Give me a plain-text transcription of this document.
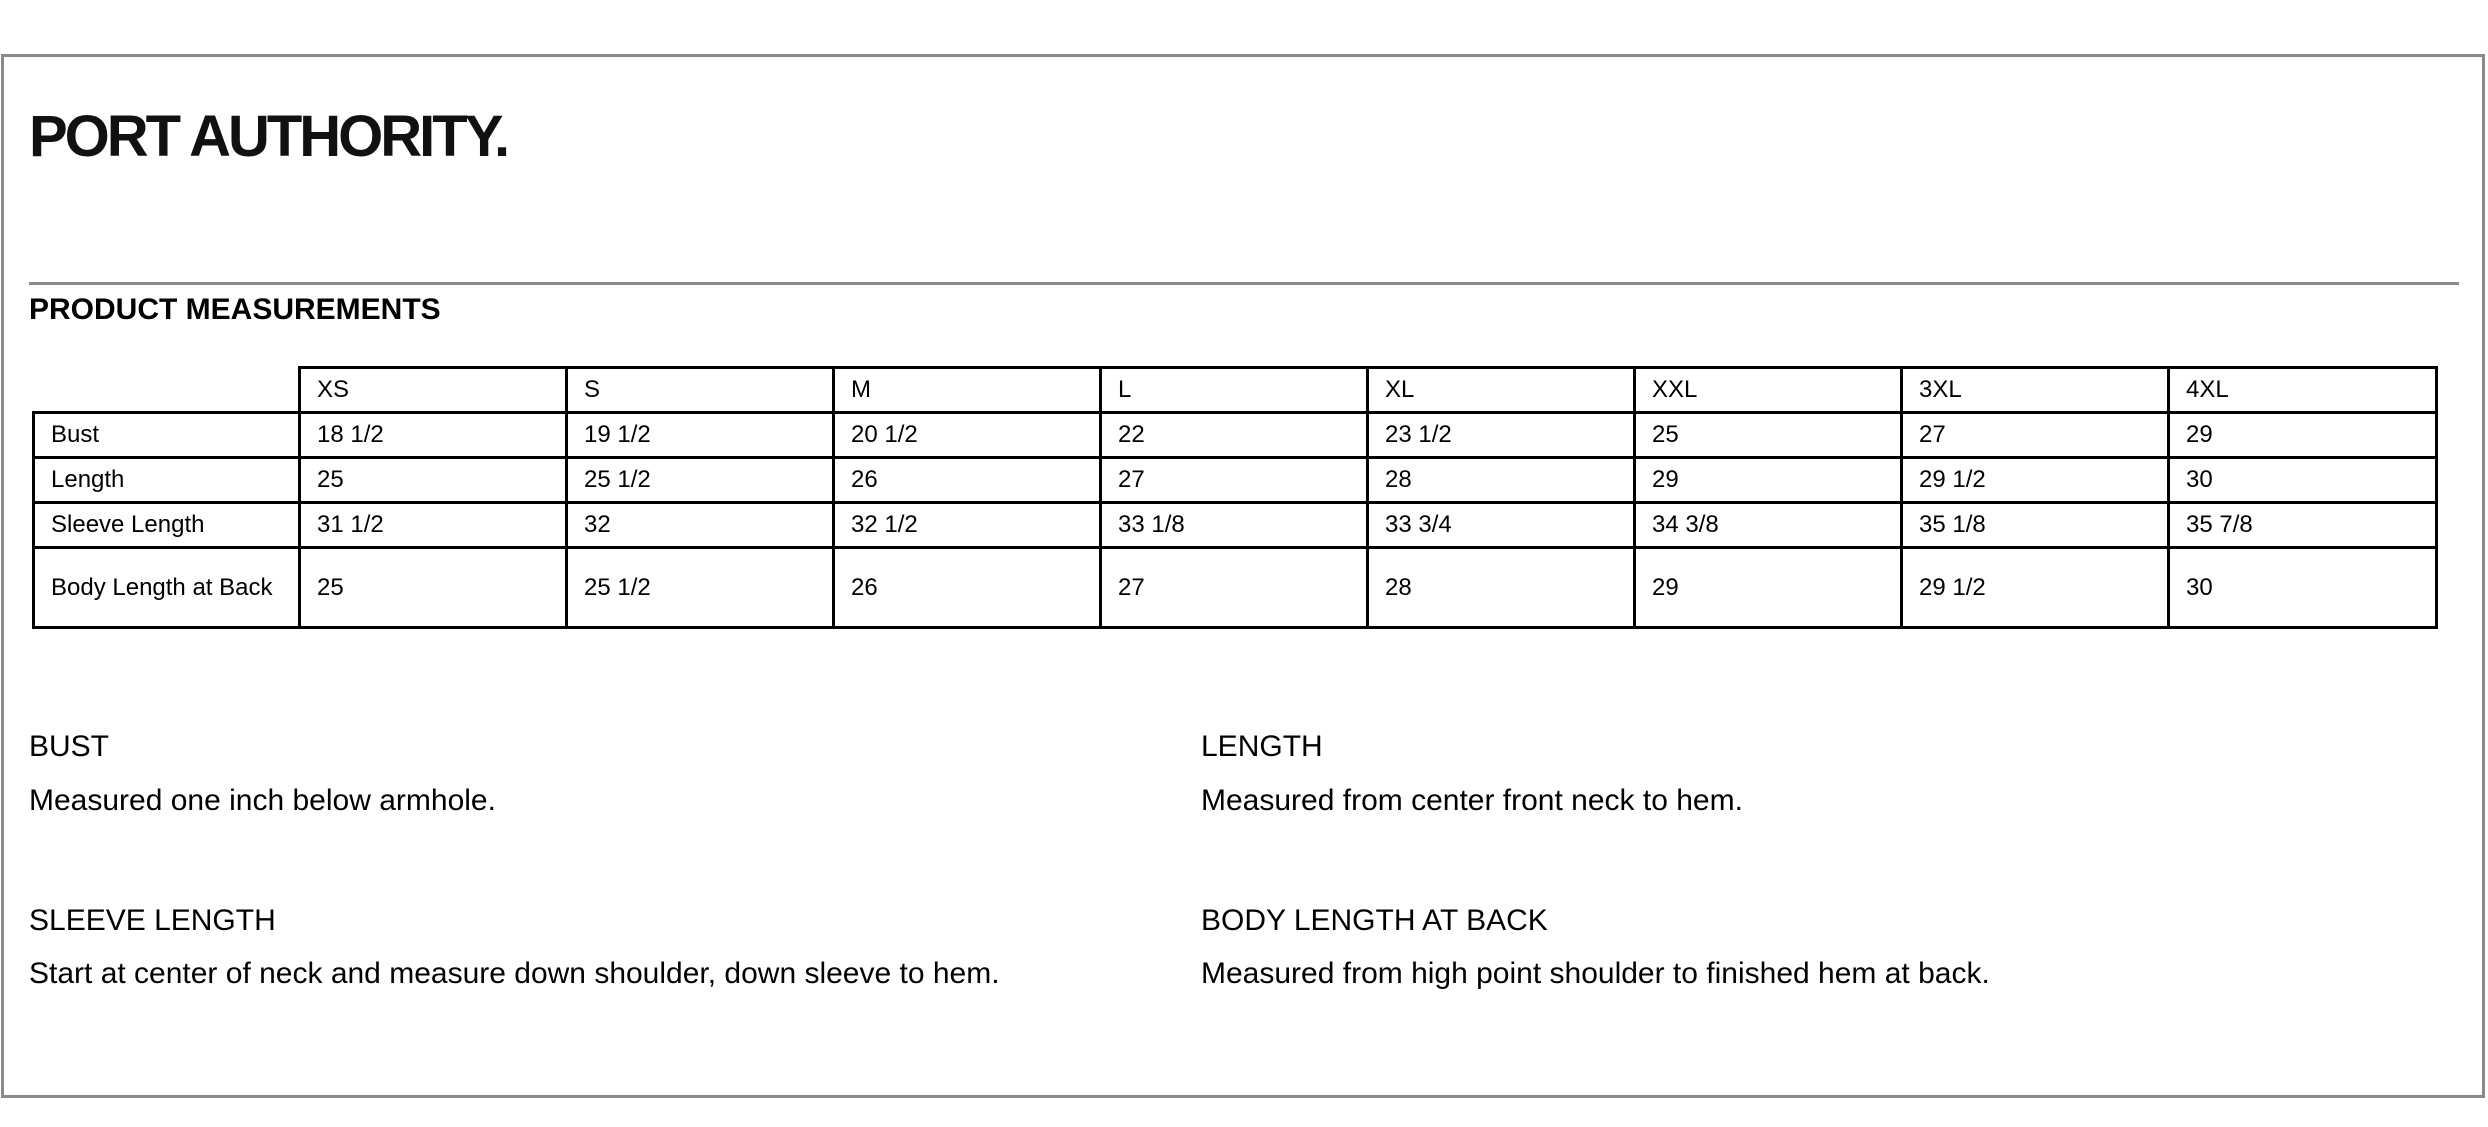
PORT AUTHORITY.
PRODUCT MEASUREMENTS
	XS	S	M	L	XL	XXL	3XL	4XL
Bust	18 1/2	19 1/2	20 1/2	22	23 1/2	25	27	29
Length	25	25 1/2	26	27	28	29	29 1/2	30
Sleeve Length	31 1/2	32	32 1/2	33 1/8	33 3/4	34 3/8	35 1/8	35 7/8
Body Length at Back	25	25 1/2	26	27	28	29	29 1/2	30
BUST
Measured one inch below armhole.
LENGTH
Measured from center front neck to hem.
SLEEVE LENGTH
Start at center of neck and measure down shoulder, down sleeve to hem.
BODY LENGTH AT BACK
Measured from high point shoulder to finished hem at back.
